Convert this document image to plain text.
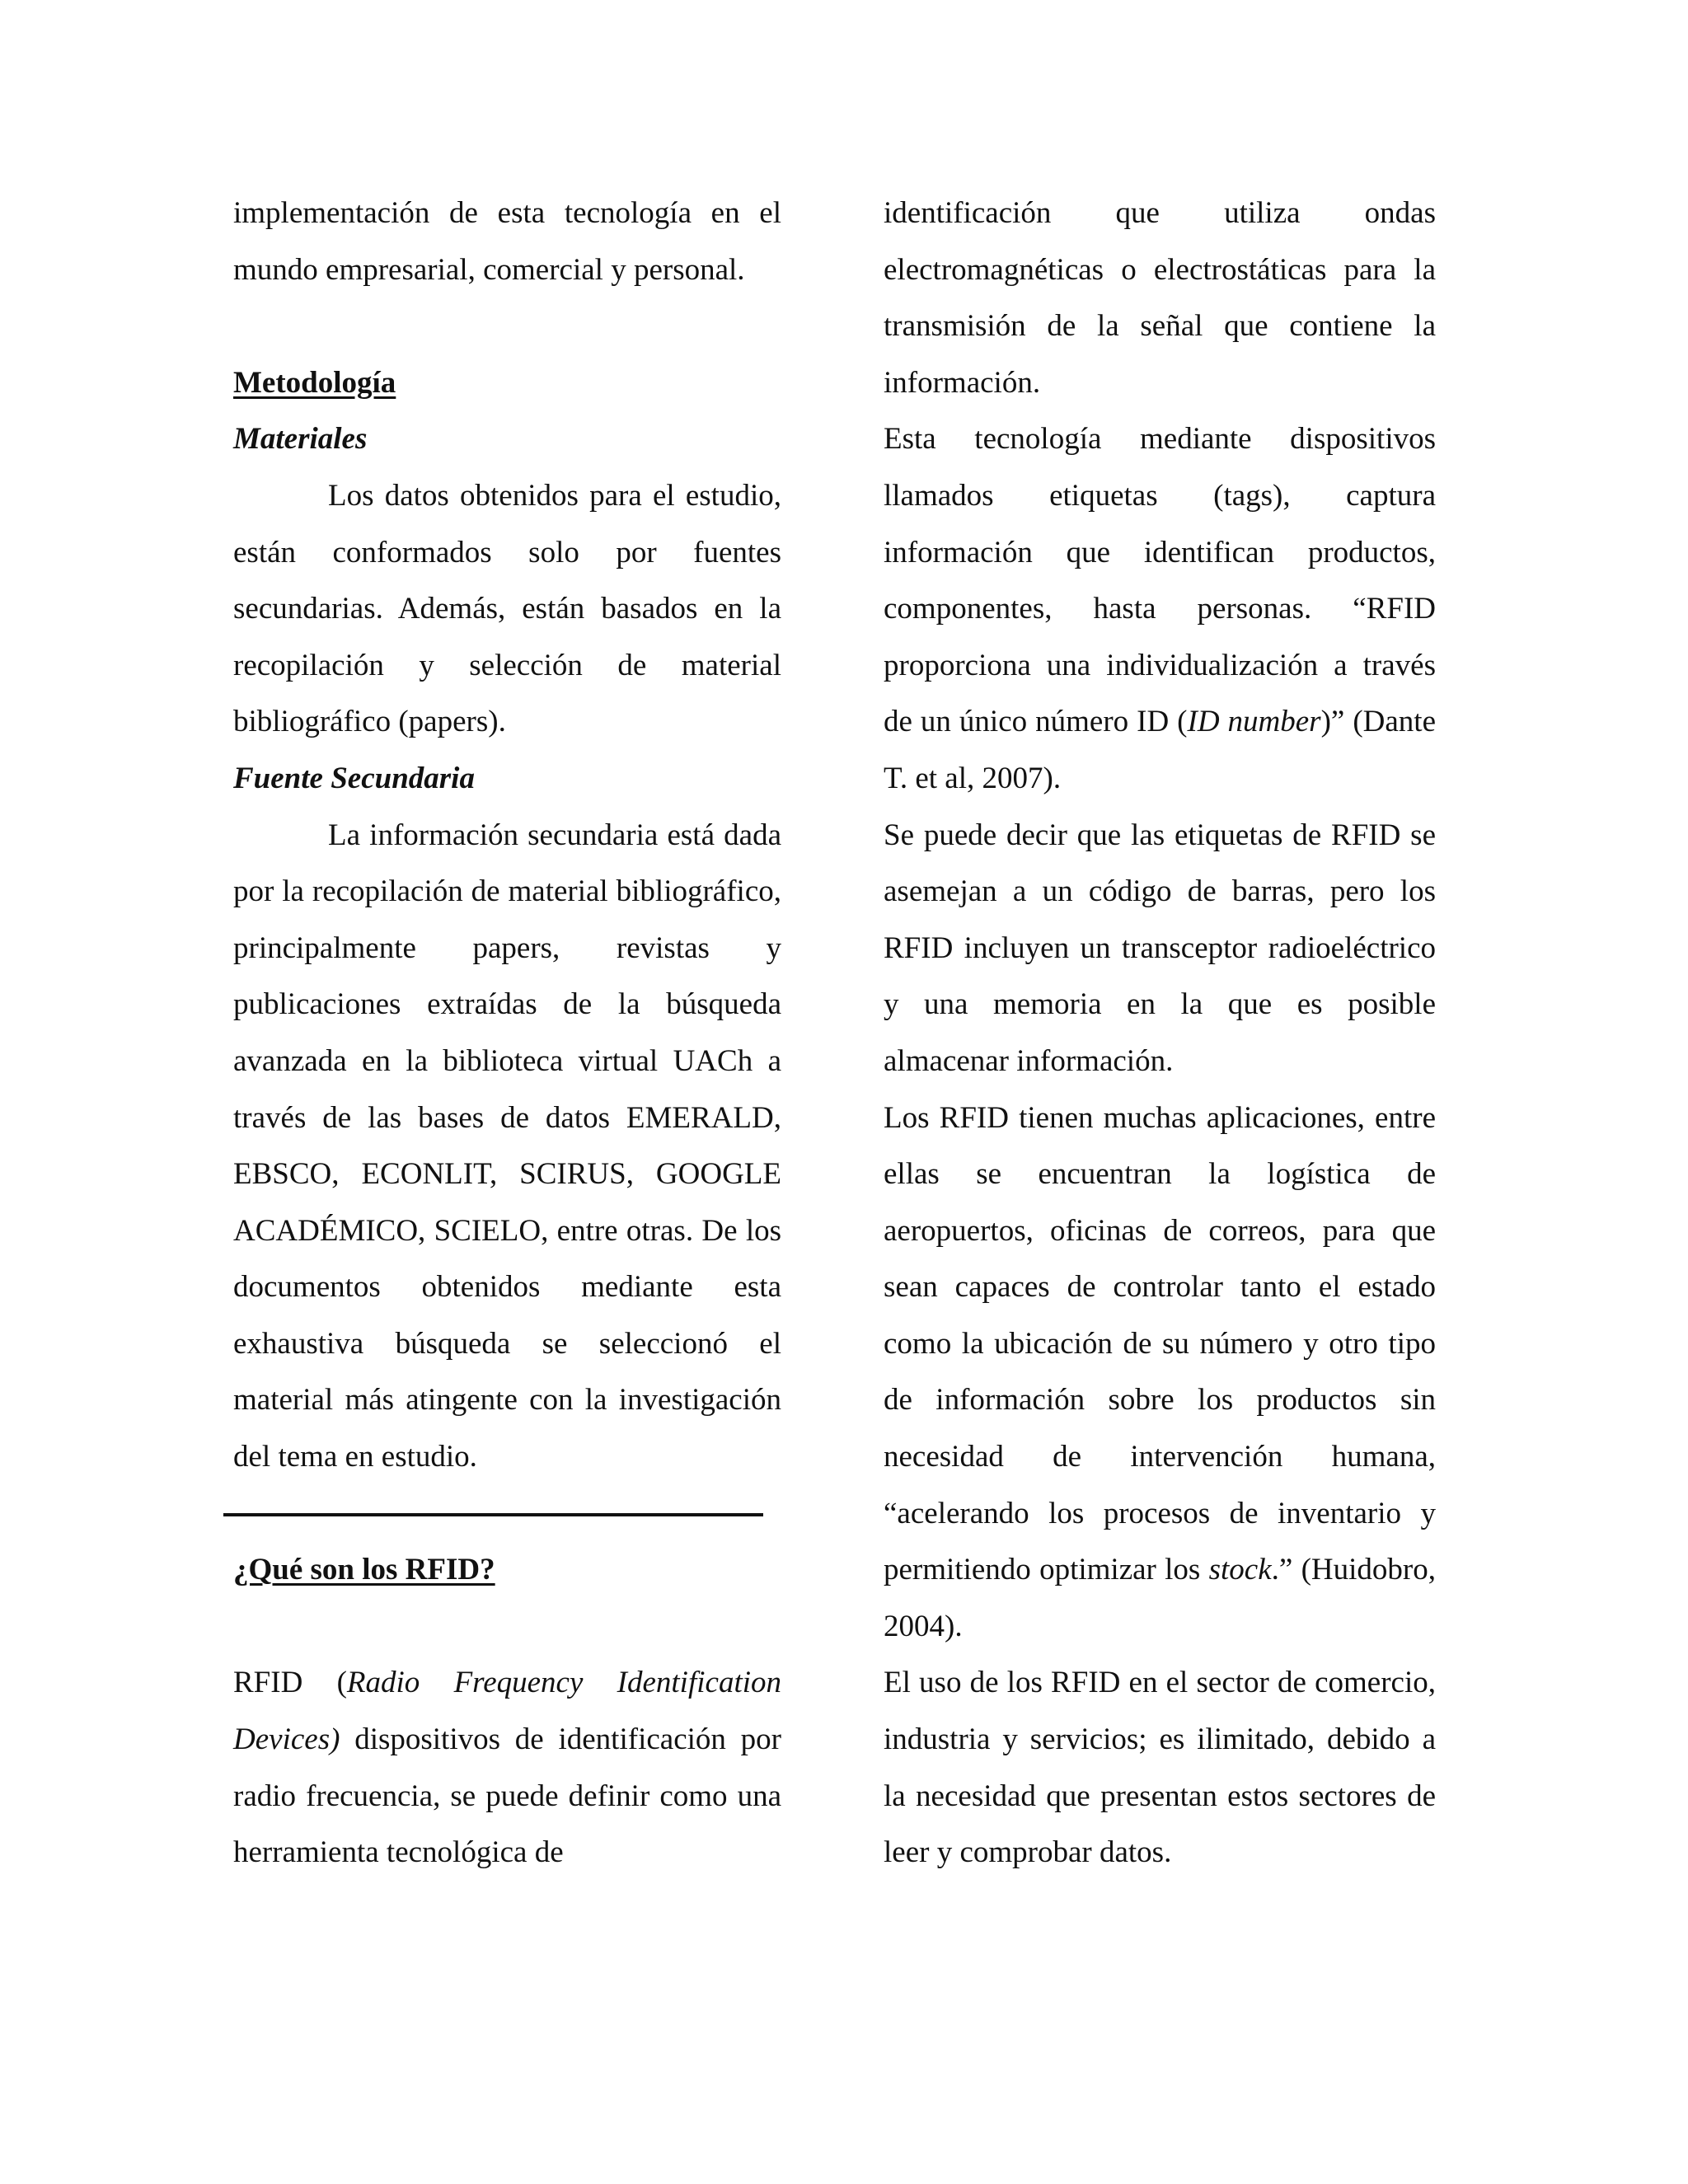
implementación de esta tecnología en el mundo empresarial, comercial y personal.

Metodología

Materiales

Los datos obtenidos para el estudio, están conformados solo por fuentes secundarias. Además, están basados en la recopilación y selección de material bibliográfico (papers).

Fuente Secundaria

La información secundaria está dada por la recopilación de material bibliográfico, principalmente papers, revistas y publicaciones extraídas de la búsqueda avanzada en la biblioteca virtual UACh a través de las bases de datos EMERALD, EBSCO, ECONLIT, SCIRUS, GOOGLE ACADÉMICO, SCIELO, entre otras. De los documentos obtenidos mediante esta exhaustiva búsqueda se seleccionó el material más atingente con la investigación del tema en estudio.

¿Qué son los RFID?

RFID (Radio Frequency Identification Devices) dispositivos de identificación por radio frecuencia, se puede definir como una herramienta tecnológica de

identificación que utiliza ondas electromagnéticas o electrostáticas para la transmisión de la señal que contiene la información.

Esta tecnología mediante dispositivos llamados etiquetas (tags), captura información que identifican productos, componentes, hasta personas. “RFID proporciona una individualización a través de un único número ID (ID number)” (Dante T. et al, 2007).

Se puede decir que las etiquetas de RFID se asemejan a un código de barras, pero los RFID incluyen un transceptor radioeléctrico y una memoria en la que es posible almacenar información.

Los RFID tienen muchas aplicaciones, entre ellas se encuentran la logística de aeropuertos, oficinas de correos, para que sean capaces de controlar tanto el estado como la ubicación de su número y otro tipo de información sobre los productos sin necesidad de intervención humana, “acelerando los procesos de inventario y permitiendo optimizar los stock.” (Huidobro, 2004).

El uso de los RFID en el sector de comercio, industria y servicios; es ilimitado, debido a la necesidad que presentan estos sectores de leer y comprobar datos.
